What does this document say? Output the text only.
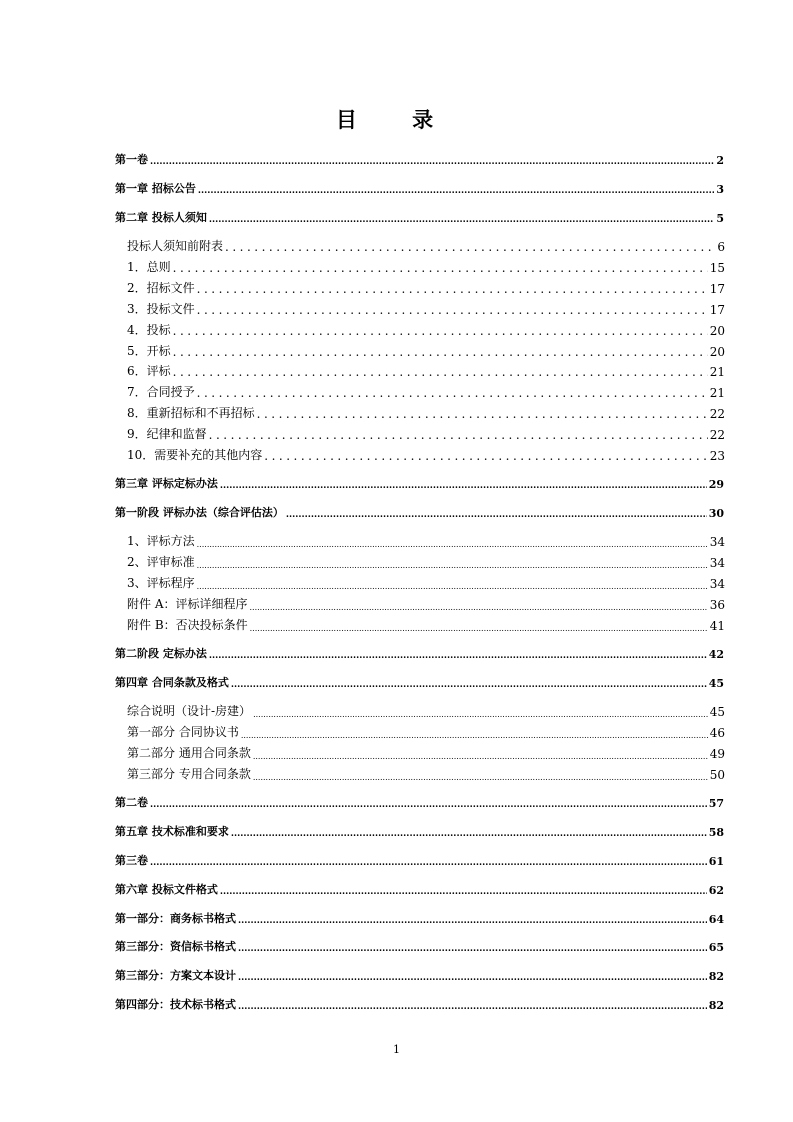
目 录
第一卷 .....	2
第一章 招标公告 .....	3
第二章 投标人须知 .....	5
投标人须知前附表 .....	6
1．总则 .....	15
2．招标文件 .....	17
3．投标文件 .....	17
4．投标 .....	20
5．开标 .....	20
6．评标 .....	21
7．合同授予 .....	21
8．重新招标和不再招标 .....	22
9．纪律和监督 .....	22
10．需要补充的其他内容 .....	23
第三章 评标定标办法 .....	29
第一阶段 评标办法（综合评估法） .....	30
1、评标方法 .....	34
2、评审标准 .....	34
3、评标程序 .....	34
附件 A：评标详细程序 .....	36
附件 B：否决投标条件 .....	41
第二阶段 定标办法 .....	42
第四章 合同条款及格式 .....	45
综合说明（设计-房建） .....	45
第一部分 合同协议书 .....	46
第二部分 通用合同条款 .....	49
第三部分 专用合同条款 .....	50
第二卷 .....	57
第五章 技术标准和要求 .....	58
第三卷 .....	61
第六章 投标文件格式 .....	62
第一部分：商务标书格式 .....	64
第三部分：资信标书格式 .....	65
第三部分：方案文本设计 .....	82
第四部分：技术标书格式 .....	82
1
